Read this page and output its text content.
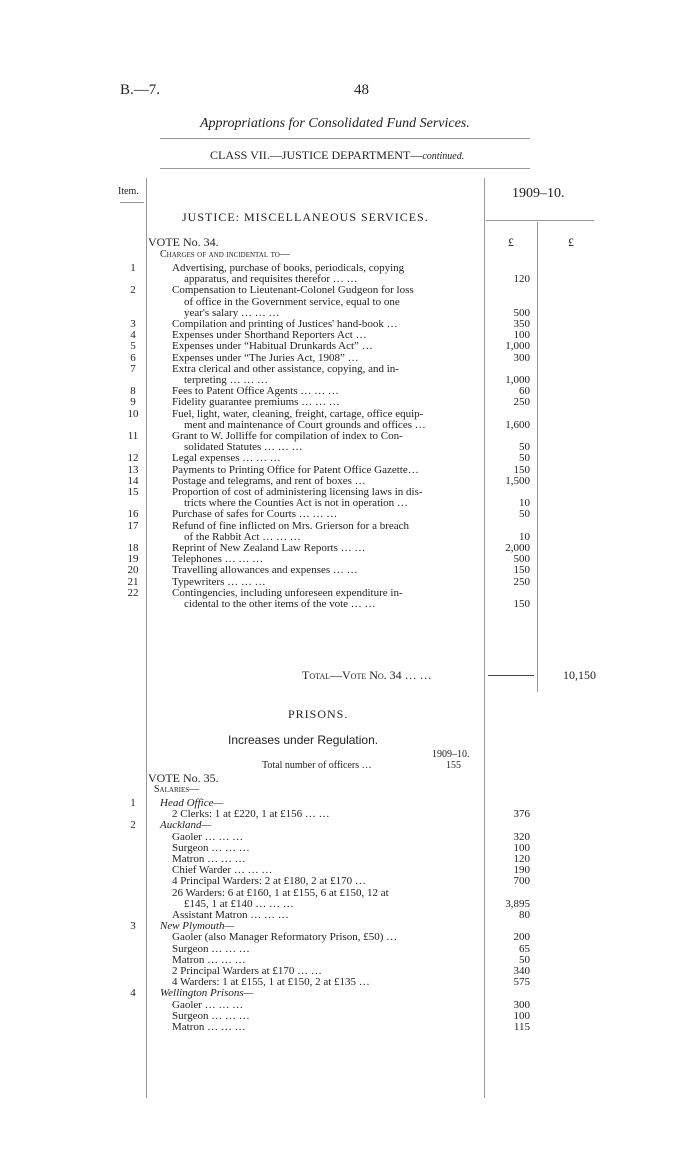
B.—7.	48
Appropriations for Consolidated Fund Services.
CLASS VII.—JUSTICE DEPARTMENT—continued.
Item.	1909–10.
JUSTICE: MISCELLANEOUS SERVICES.
VOTE No. 34.	£	£
Charges of and incidental to—
1	Advertising, purchase of books, periodicals, copying
apparatus, and requisites therefor … …	120
2	Compensation to Lieutenant-Colonel Gudgeon for loss
of office in the Government service, equal to one
year's salary … … …	500
3	Compilation and printing of Justices' hand-book …	350
4	Expenses under Shorthand Reporters Act …	100
5	Expenses under “Habitual Drunkards Act” …	1,000
6	Expenses under “The Juries Act, 1908” …	300
7	Extra clerical and other assistance, copying, and in-
terpreting … … …	1,000
8	Fees to Patent Office Agents … … …	60
9	Fidelity guarantee premiums … … …	250
10	Fuel, light, water, cleaning, freight, cartage, office equip-
ment and maintenance of Court grounds and offices …	1,600
11	Grant to W. Jolliffe for compilation of index to Con-
solidated Statutes … … …	50
12	Legal expenses … … …	50
13	Payments to Printing Office for Patent Office Gazette…	150
14	Postage and telegrams, and rent of boxes …	1,500
15	Proportion of cost of administering licensing laws in dis-
tricts where the Counties Act is not in operation …	10
16	Purchase of safes for Courts … … …	50
17	Refund of fine inflicted on Mrs. Grierson for a breach
of the Rabbit Act … … …	10
18	Reprint of New Zealand Law Reports … …	2,000
19	Telephones … … …	500
20	Travelling allowances and expenses … …	150
21	Typewriters … … …	250
22	Contingencies, including unforeseen expenditure in-
cidental to the other items of the vote … …	150
Total—Vote No. 34 … …	10,150
PRISONS.
Increases under Regulation.
1909–10.
Total number of officers …	155
VOTE No. 35.
Salaries—
1	Head Office—
2 Clerks: 1 at £220, 1 at £156 … …	376
2	Auckland—
Gaoler … … …	320
Surgeon … … …	100
Matron … … …	120
Chief Warder … … …	190
4 Principal Warders: 2 at £180, 2 at £170 …	700
26 Warders: 6 at £160, 1 at £155, 6 at £150, 12 at
£145, 1 at £140 … … …	3,895
Assistant Matron … … …	80
3	New Plymouth—
Gaoler (also Manager Reformatory Prison, £50) …	200
Surgeon … … …	65
Matron … … …	50
2 Principal Warders at £170 … …	340
4 Warders: 1 at £155, 1 at £150, 2 at £135 …	575
4	Wellington Prisons—
Gaoler … … …	300
Surgeon … … …	100
Matron … … …	115
